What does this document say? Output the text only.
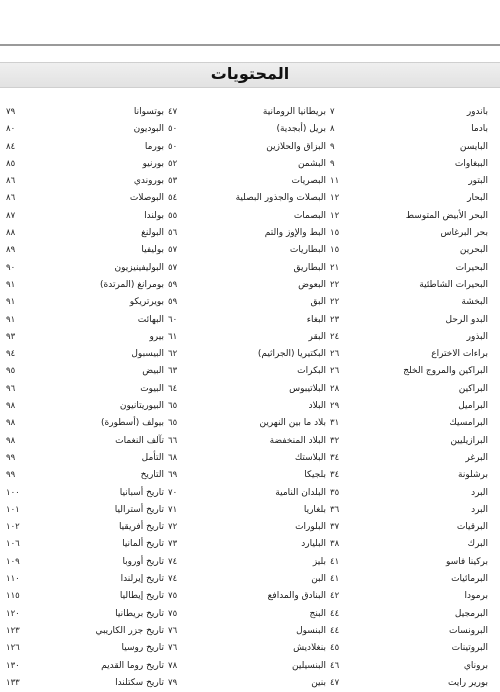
المحتويات
باندور
٧
بادما
٨
البايسن
٩
الببغاوات
٩
البتور
١١
البحار
١٢
البحر الأبيض المتوسط
١٢
بحر البرغاس
١٥
البحرين
١٥
البحيرات
٢١
البحيرات الشاطئية
٢٢
البخشة
٢٢
البدو الرحل
٢٣
البذور
٢٤
براءات الاختراع
٢٦
البراكين والمروج الخلج
٢٦
البراكين
٢٨
البراميل
٢٩
البرامسيك
٣١
البرازيليين
٣٢
البرغر
٣٤
برشلونة
٣٤
البرد
٣٥
البرد
٣٦
البرقيات
٣٧
البرك
٣٨
بركينا فاسو
٤١
البرمائيات
٤١
برمودا
٤٢
البرمجيل
٤٤
البرونسات
٤٤
البروتينات
٤٥
بروناي
٤٦
بورير رايت
٤٧
بريطانيا الرومانية
٤٧
بريل (أبجدية)
٥٠
البزاق والحلازين
٥٠
البشمن
٥٢
البصريات
٥٣
البصلات والجذور البصلية
٥٤
البصمات
٥٥
البط والإوز والتم
٥٦
البطاريات
٥٧
البطاريق
٥٧
البعوض
٥٩
البق
٥٩
البغاء
٦٠
البقر
٦١
البكتيريا (الجراثيم)
٦٢
البكرات
٦٣
البلاتيبوس
٦٤
البلاد
٦٥
بلاد ما بين النهرين
٦٥
البلاد المنخفضة
٦٦
البلاستك
٦٨
بلجيكا
٦٩
البلدان النامية
٧٠
بلغاريا
٧١
البلورات
٧٢
البليارد
٧٣
بليز
٧٤
البن
٧٤
البنادق والمدافع
٧٥
البنج
٧٥
البنسول
٧٦
بنغلاديش
٧٦
البنسيلين
٧٨
بنين
٧٩
بوتسوانا
٧٩
البوديون
٨٠
بورما
٨٤
بورنيو
٨٥
بوروندي
٨٦
البوصلات
٨٦
بولندا
٨٧
البولنغ
٨٨
بوليفيا
٨٩
البوليفينيزيون
٩٠
بومرانغ (المرتدة)
٩١
بويرتريكو
٩١
البهائت
٩١
بيرو
٩٣
البيسبول
٩٤
البيض
٩٥
البيوت
٩٦
البيوريتانيون
٩٨
بيولف (أسطورة)
٩٨
تآلف النغمات
٩٨
التأمل
٩٩
التاريخ
٩٩
تاريخ أسبانيا
١٠٠
تاريخ أستراليا
١٠١
تاريخ أفريقيا
١٠٢
تاريخ ألمانيا
١٠٦
تاريخ أوروبا
١٠٩
تاريخ إيرلندا
١١٠
تاريخ إيطاليا
١١٥
تاريخ بريطانيا
١٢٠
تاريخ جزر الكاريبي
١٢٣
تاريخ روسيا
١٢٦
تاريخ روما القديم
١٣٠
تاريخ سكتلندا
١٣٣
